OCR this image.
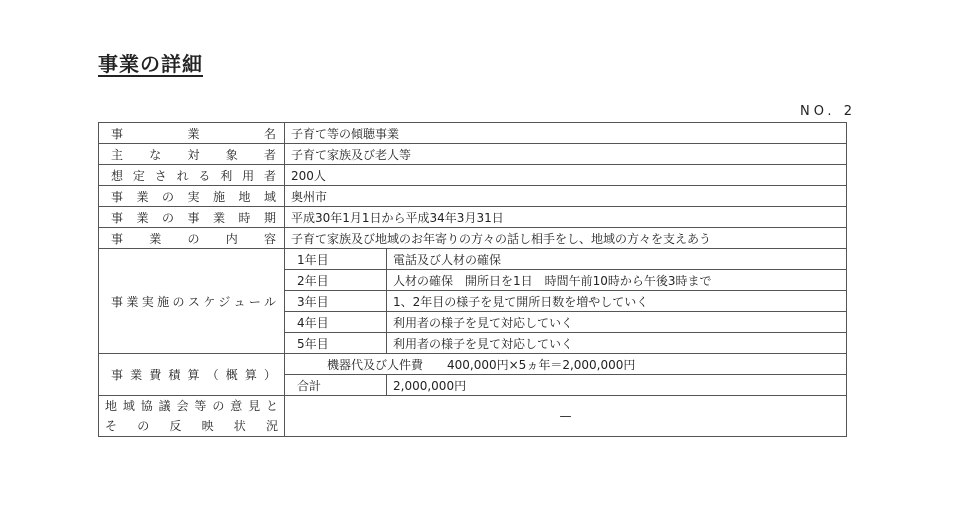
事業の詳細
NO. 2
事業名	子育て等の傾聴事業	
主な対象者	子育て家族及び老人等	
想定される利用者	200人	
事業の実施地域	奥州市	
事業の事業時期	平成30年1月1日から平成34年3月31日	
事業の内容	子育て家族及び地域のお年寄りの方々の話し相手をし、地域の方々を支えあう	
事業実施のスケジュール	1年目	電話及び人材の確保
	2年目	人材の確保　開所日を1日　時間午前10時から午後3時まで
	3年目	1、2年目の様子を見て開所日数を増やしていく
	4年目	利用者の様子を見て対応していく
	5年目	利用者の様子を見て対応していく
事業費積算（概算）	機器代及び人件費　　400,000円×5ヵ年＝2,000,000円	
	合計	2,000,000円

地域協議会等の意見と
その反映状況	—	
